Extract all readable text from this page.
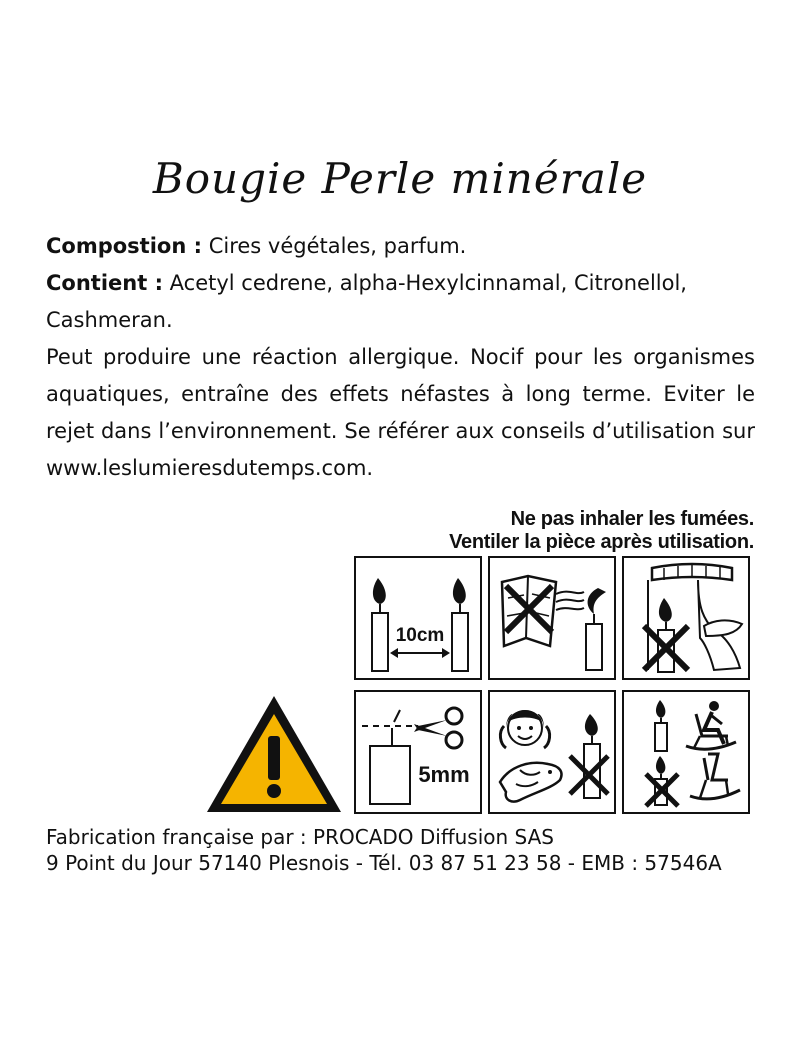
Bougie Perle minérale

Compostion : Cires végétales, parfum.

Contient : Acetyl cedrene, alpha-Hexylcinnamal, Citronellol, Cashmeran.

Peut produire une réaction allergique. Nocif pour les organismes aquatiques, entraîne des effets néfastes à long terme. Eviter le rejet dans l’environnement. Se référer aux conseils d’utilisation sur www.leslumieresdutemps.com.

Ne pas inhaler les fumées.
Ventiler la pièce après utilisation.
10cm
5mm
Fabrication française par : PROCADO Diffusion SAS
9 Point du Jour 57140 Plesnois - Tél. 03 87 51 23 58 - EMB : 57546A
